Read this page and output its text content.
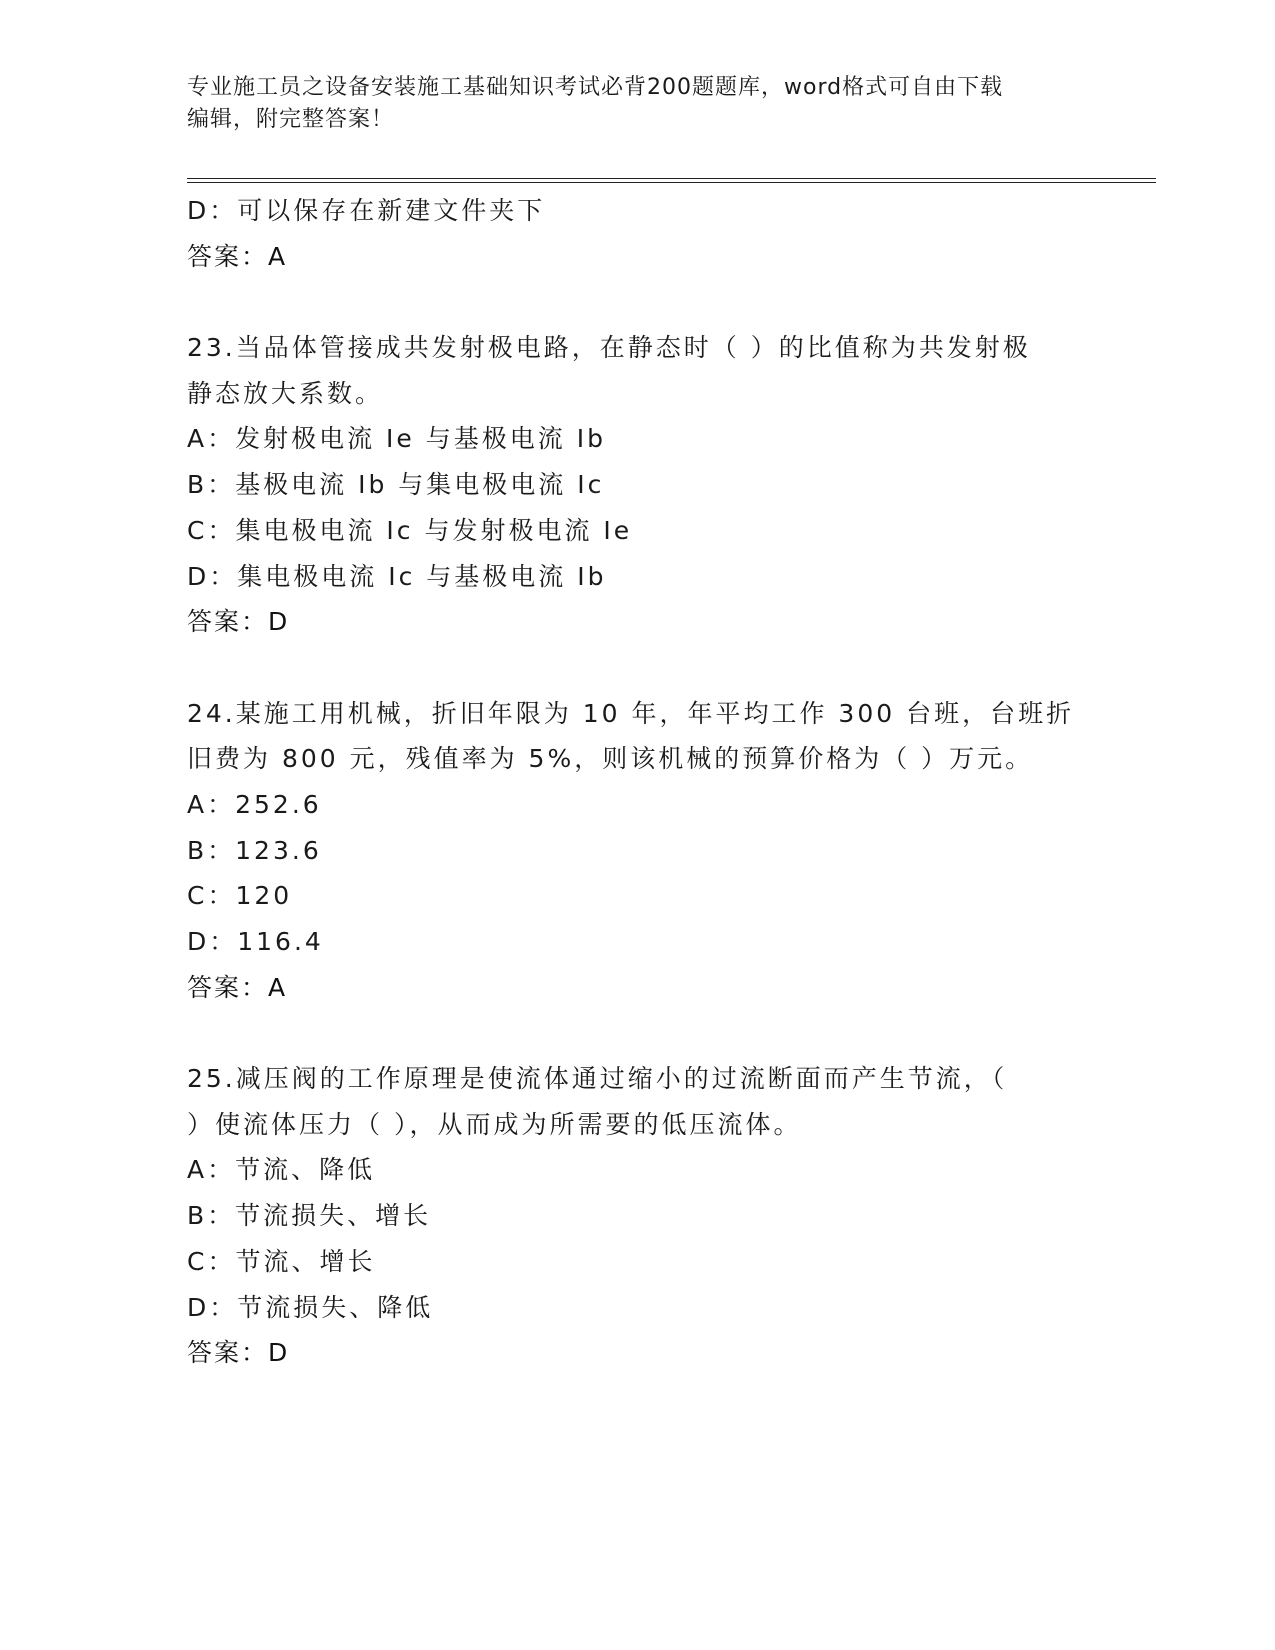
专业施工员之设备安装施工基础知识考试必背200题题库，word格式可自由下载
编辑，附完整答案！
D：可以保存在新建文件夹下
答案：A
23.当品体管接成共发射极电路，在静态时（ ）的比值称为共发射极
静态放大系数。
A：发射极电流 Ie 与基极电流 Ib
B：基极电流 Ib 与集电极电流 Ic
C：集电极电流 Ic 与发射极电流 Ie
D：集电极电流 Ic 与基极电流 Ib
答案：D
24.某施工用机械，折旧年限为 10 年，年平均工作 300 台班，台班折
旧费为 800 元，残值率为 5%，则该机械的预算价格为（ ）万元。
A：252.6
B：123.6
C：120
D：116.4
答案：A
25.减压阀的工作原理是使流体通过缩小的过流断面而产生节流，（
）使流体压力（ ），从而成为所需要的低压流体。
A：节流、降低
B：节流损失、增长
C：节流、增长
D：节流损失、降低
答案：D
